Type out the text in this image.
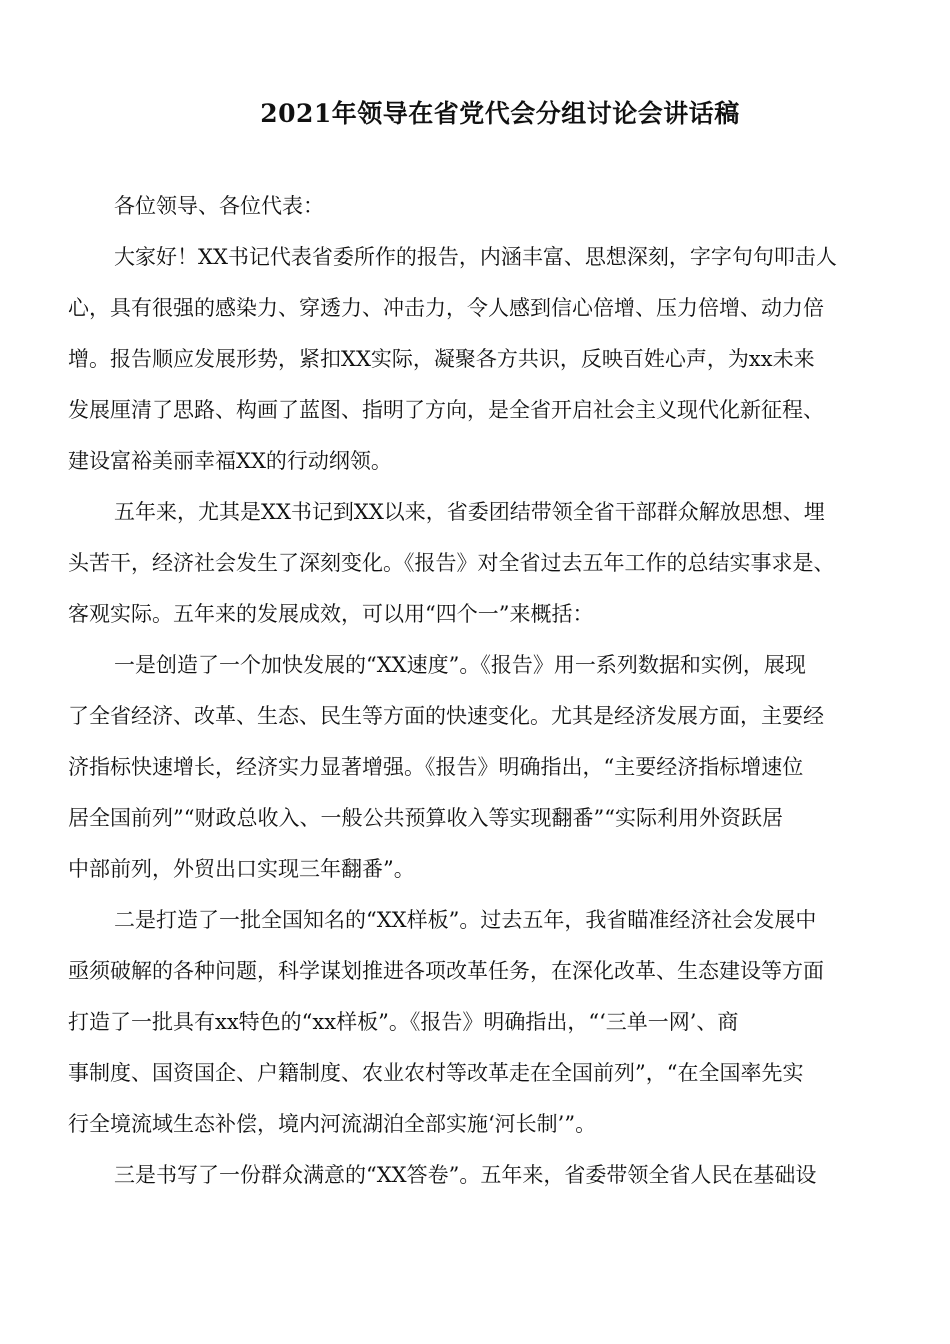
2021年领导在省党代会分组讨论会讲话稿
各位领导、各位代表：
大家好！XX书记代表省委所作的报告，内涵丰富、思想深刻，字字句句叩击人
心，具有很强的感染力、穿透力、冲击力，令人感到信心倍增、压力倍增、动力倍
增。报告顺应发展形势，紧扣XX实际，凝聚各方共识，反映百姓心声，为xx未来
发展厘清了思路、构画了蓝图、指明了方向，是全省开启社会主义现代化新征程、
建设富裕美丽幸福XX的行动纲领。
五年来，尤其是XX书记到XX以来，省委团结带领全省干部群众解放思想、埋
头苦干，经济社会发生了深刻变化。《报告》对全省过去五年工作的总结实事求是、
客观实际。五年来的发展成效，可以用“四个一”来概括：
一是创造了一个加快发展的“XX速度”。《报告》用一系列数据和实例，展现
了全省经济、改革、生态、民生等方面的快速变化。尤其是经济发展方面，主要经
济指标快速增长，经济实力显著增强。《报告》明确指出，“主要经济指标增速位
居全国前列”“财政总收入、一般公共预算收入等实现翻番”“实际利用外资跃居
中部前列，外贸出口实现三年翻番”。
二是打造了一批全国知名的“XX样板”。过去五年，我省瞄准经济社会发展中
亟须破解的各种问题，科学谋划推进各项改革任务，在深化改革、生态建设等方面
打造了一批具有xx特色的“xx样板”。《报告》明确指出，“‘三单一网’、商
事制度、国资国企、户籍制度、农业农村等改革走在全国前列”，“在全国率先实
行全境流域生态补偿，境内河流湖泊全部实施‘河长制’”。
三是书写了一份群众满意的“XX答卷”。五年来，省委带领全省人民在基础设
